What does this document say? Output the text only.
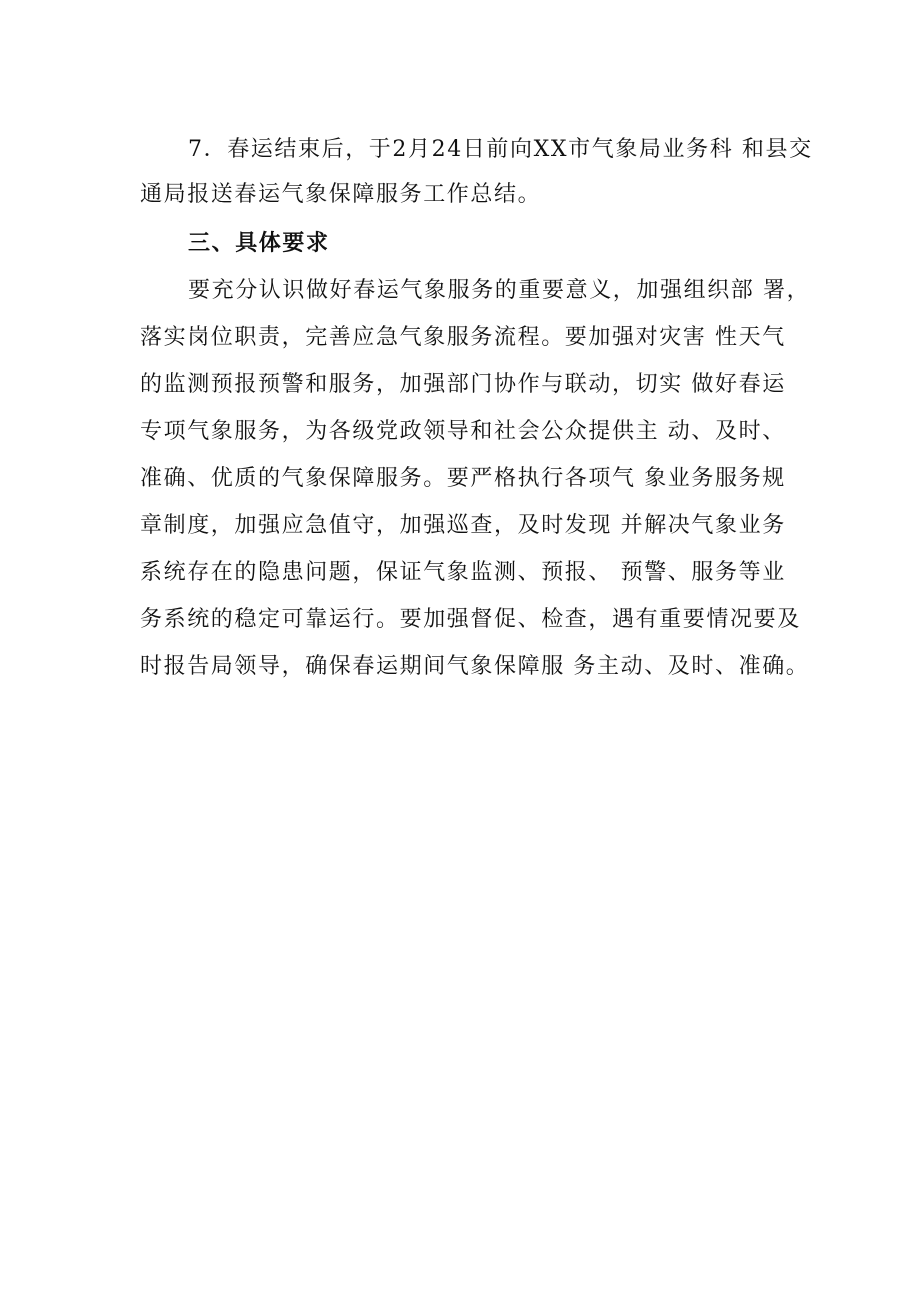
7．春运结束后，于2月24日前向XX市气象局业务科 和县交
通局报送春运气象保障服务工作总结。
三、具体要求
要充分认识做好春运气象服务的重要意义，加强组织部 署，
落实岗位职责，完善应急气象服务流程。要加强对灾害 性天气
的监测预报预警和服务，加强部门协作与联动，切实 做好春运
专项气象服务，为各级党政领导和社会公众提供主 动、及时、
准确、优质的气象保障服务。要严格执行各项气 象业务服务规
章制度，加强应急值守，加强巡查，及时发现 并解决气象业务
系统存在的隐患问题，保证气象监测、预报、 预警、服务等业
务系统的稳定可靠运行。要加强督促、检查，遇有重要情况要及
时报告局领导，确保春运期间气象保障服 务主动、及时、准确。
